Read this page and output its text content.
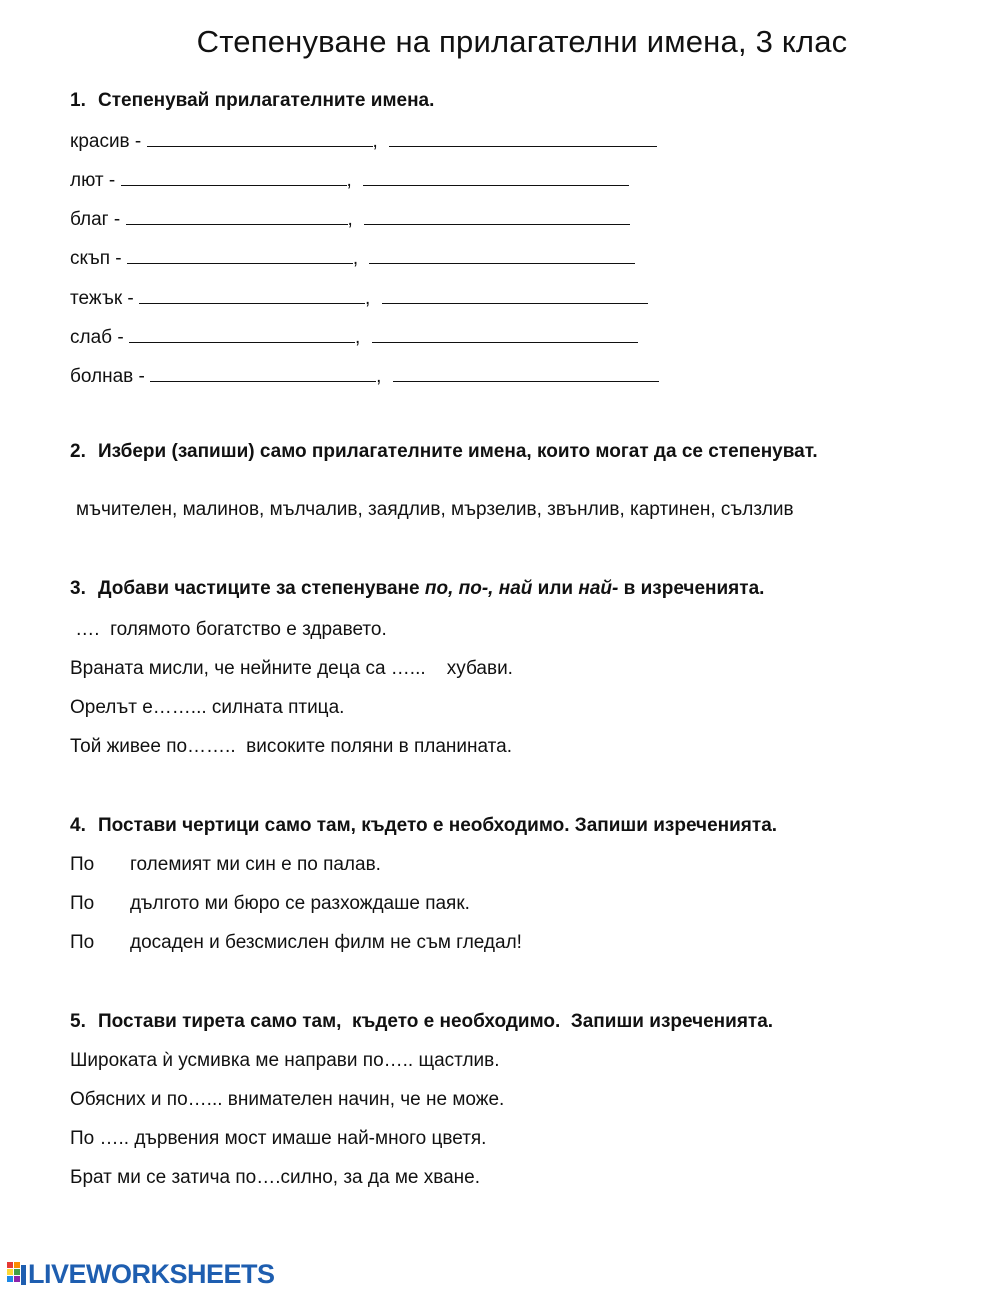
Степенуване на прилагателни имена, 3 клас
1. Степенувай прилагателните имена.
красив -	,
лют -	,
благ -	,
скъп -	,
тежък -	,
слаб -	,
болнав -	,
2. Избери (запиши) само прилагателните имена, които могат да се степенуват.
мъчителен, малинов, мълчалив, заядлив, мързелив, звънлив, картинен, сълзлив
3. Добави частиците за степенуване по, по-, най или най- в изреченията.
….  голямото богатство е здравето.
Враната мисли, че нейните деца са …...    хубави.
Орелът е……... силната птица.
Той живее по……..  високите поляни в планината.
4. Постави чертици само там, където е необходимо. Запиши изреченията.
По големият ми син е по палав.
По дългото ми бюро се разхождаше паяк.
По досаден и безсмислен филм не съм гледал!
5. Постави тирета само там,  където е необходимо.  Запиши изреченията.
Широката ѝ усмивка ме направи по….. щастлив.
Обясних и по…... внимателен начин, че не може.
По ….. дървения мост имаше най-много цветя.
Брат ми се затича по….силно, за да ме хване.
LIVEWORKSHEETS
